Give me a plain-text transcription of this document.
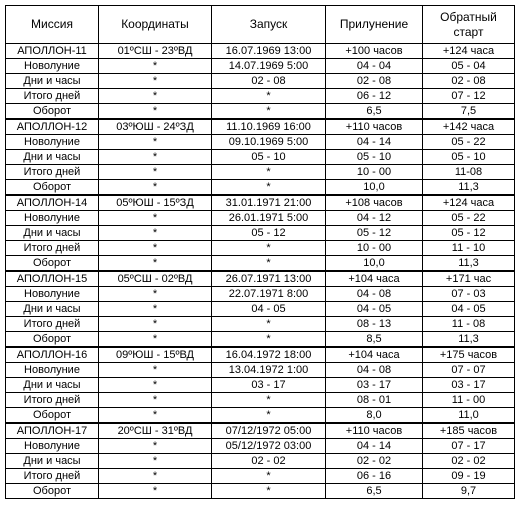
Миссия	Координаты	Запуск	Прилунение	Обратный старт
АПОЛЛОН-11	01ºСШ - 23ºВД	16.07.1969 13:00	+100 часов	+124 часа
Новолуние	*	14.07.1969 5:00	04 - 04	05 - 04
Дни и часы	*	02 - 08	02 - 08	02 - 08
Итого дней	*	*	06 - 12	07 - 12
Оборот	*	*	6,5	7,5
АПОЛЛОН-12	03ºЮШ - 24ºЗД	11.10.1969 16:00	+110 часов	+142 часа
Новолуние	*	09.10.1969 5:00	04 - 14	05 - 22
Дни и часы	*	05 - 10	05 - 10	05 - 10
Итого дней	*	*	10 - 00	11-08
Оборот	*	*	10,0	11,3
АПОЛЛОН-14	05ºЮШ - 15ºЗД	31.01.1971 21:00	+108 часов	+124 часа
Новолуние	*	26.01.1971 5:00	04 - 12	05 - 22
Дни и часы	*	05 - 12	05 - 12	05 - 12
Итого дней	*	*	10 - 00	11 - 10
Оборот	*	*	10,0	11,3
АПОЛЛОН-15	05ºСШ - 02ºВД	26.07.1971 13:00	+104 часа	+171 час
Новолуние	*	22.07.1971 8:00	04 - 08	07 - 03
Дни и часы	*	04 - 05	04 - 05	04 - 05
Итого дней	*	*	08 - 13	11 - 08
Оборот	*	*	8,5	11,3
АПОЛЛОН-16	09ºЮШ - 15ºВД	16.04.1972 18:00	+104 часа	+175 часов
Новолуние	*	13.04.1972 1:00	04 - 08	07 - 07
Дни и часы	*	03 - 17	03 - 17	03 - 17
Итого дней	*	*	08 - 01	11 - 00
Оборот	*	*	8,0	11,0
АПОЛЛОН-17	20ºСШ - 31ºВД	07/12/1972 05:00	+110 часов	+185 часов
Новолуние	*	05/12/1972 03:00	04 - 14	07 - 17
Дни и часы	*	02 - 02	02 - 02	02 - 02
Итого дней	*	*	06 - 16	09 - 19
Оборот	*	*	6,5	9,7
